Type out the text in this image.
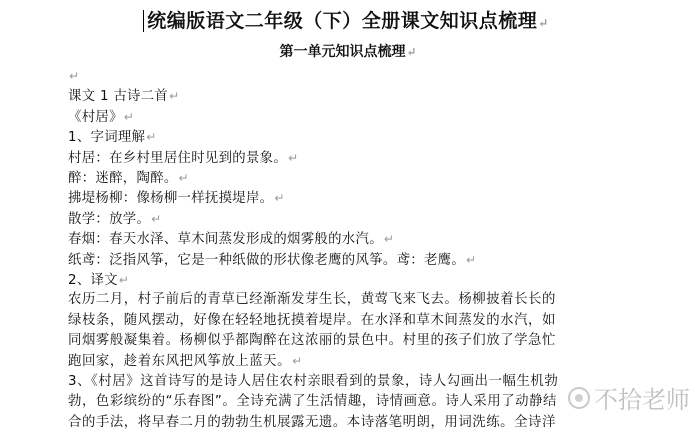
统编版语文二年级（下）全册课文知识点梳理↵
第一单元知识点梳理↵
↵
课文 1 古诗二首↵
《村居》↵
1、字词理解↵
村居：在乡村里居住时见到的景象。↵
醉：迷醉，陶醉。↵
拂堤杨柳：像杨柳一样抚摸堤岸。↵
散学：放学。↵
春烟：春天水泽、草木间蒸发形成的烟雾般的水汽。↵
纸鸢：泛指风筝，它是一种纸做的形状像老鹰的风筝。鸢：老鹰。↵
2、译文↵
农历二月，村子前后的青草已经渐渐发芽生长，黄莺飞来飞去。杨柳披着长长的
绿枝条，随风摆动，好像在轻轻地抚摸着堤岸。在水泽和草木间蒸发的水汽，如
同烟雾般凝集着。杨柳似乎都陶醉在这浓丽的景色中。村里的孩子们放了学急忙
跑回家，趁着东风把风筝放上蓝天。↵
3、《村居》这首诗写的是诗人居住农村亲眼看到的景象，诗人勾画出一幅生机勃
勃，色彩缤纷的“乐春图”。全诗充满了生活情趣，诗情画意。诗人采用了动静结
合的手法，将早春二月的勃勃生机展露无遗。本诗落笔明朗，用词洗练。全诗洋
不拾老师
